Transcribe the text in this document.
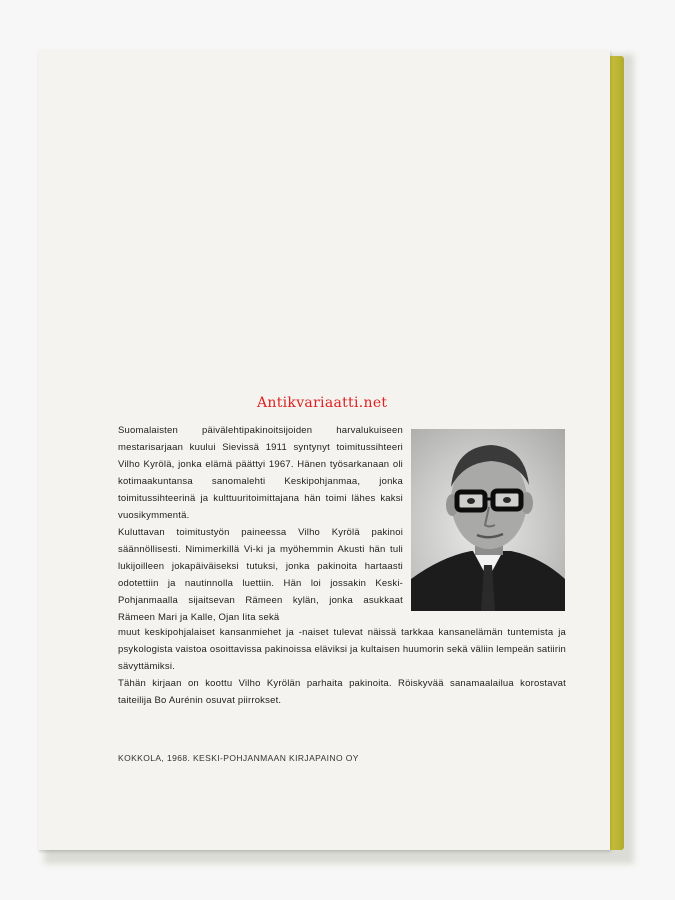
Antikvariaatti.net

Suomalaisten päivälehtipakinoitsijoiden harvalukuiseen mestarisarjaan kuului Sievissä 1911 syntynyt toimitussihteeri Vilho Kyrölä, jonka elämä päättyi 1967. Hänen työsarkanaan oli kotimaakuntansa sanomalehti Keskipohjanmaa, jonka toimitussihteerinä ja kulttuuritoimittajana hän toimi lähes kaksi vuosikymmentä.

Kuluttavan toimitustyön paineessa Vilho Kyrölä pakinoi säännöllisesti. Nimimerkillä Vi-ki ja myöhemmin Akusti hän tuli lukijoilleen jokapäiväiseksi tutuksi, jonka pakinoita hartaasti odotettiin ja nautinnolla luettiin. Hän loi jossakin Keski-Pohjanmaalla sijaitsevan Rämeen kylän, jonka asukkaat Rämeen Mari ja Kalle, Ojan Iita sekä

muut keskipohjalaiset kansanmiehet ja -naiset tulevat näissä tarkkaa kansanelämän tuntemista ja psykologista vaistoa osoittavissa pakinoissa eläviksi ja kultaisen huumorin sekä väliin lempeän satiirin sävyttämiksi.

Tähän kirjaan on koottu Vilho Kyrölän parhaita pakinoita. Röiskyvää sanamaalailua korostavat taiteilija Bo Aurénin osuvat piirrokset.

KOKKOLA, 1968. KESKI-POHJANMAAN KIRJAPAINO OY
